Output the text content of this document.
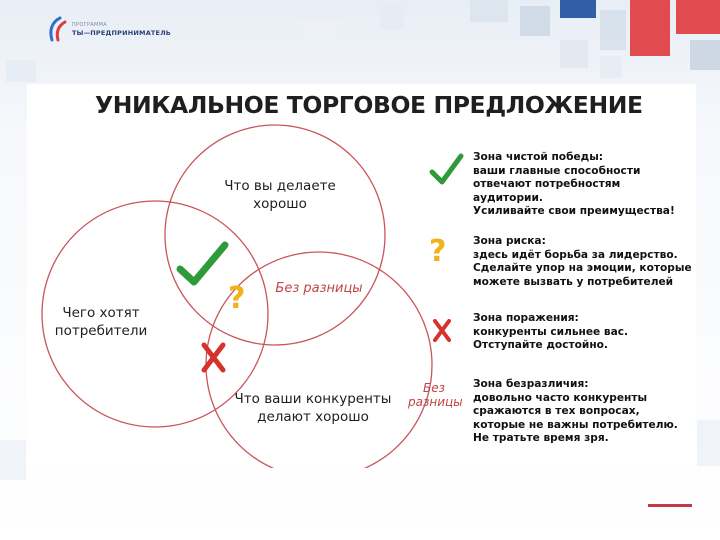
ПРОГРАММА
ТЫ—ПРЕДПРИНИМАТЕЛЬ
УНИКАЛЬНОЕ ТОРГОВОЕ ПРЕДЛОЖЕНИЕ
Что вы делаете хорошо
Чего хотят потребители
Что ваши конкуренты делают хорошо
Без разницы
?
?
Без разницы
Зона чистой победы:
ваши главные способности
отвечают потребностям
аудитории.
Усиливайте свои преимущества!
Зона риска:
здесь идёт борьба за лидерство.
Сделайте упор на эмоции, которые
можете вызвать у потребителей
Зона поражения:
конкуренты сильнее вас.
Отступайте достойно.
Зона безразличия:
довольно часто конкуренты
сражаются в тех вопросах,
которые не важны потребителю.
Не тратьте время зря.
